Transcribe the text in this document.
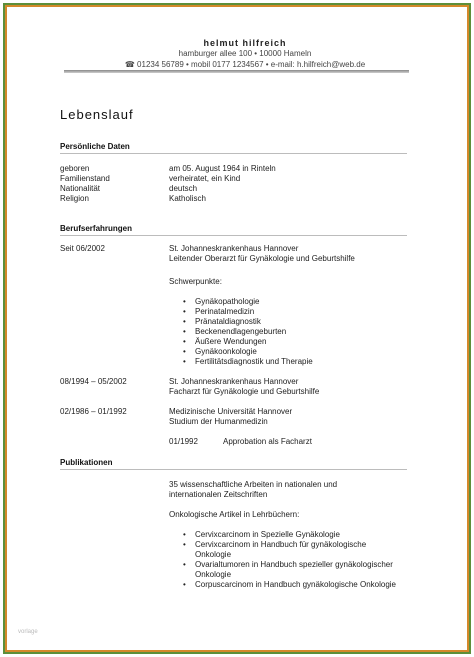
helmut hilfreich
hamburger allee 100 • 10000 Hameln
☎ 01234 56789 • mobil 0177 1234567 • e-mail: h.hilfreich@web.de
Lebenslauf
Persönliche Daten
geboren	am 05. August 1964 in Rinteln
Familienstand	verheiratet, ein Kind
Nationalität	deutsch
Religion	Katholisch
Berufserfahrungen
Seit 06/2002	St. Johanneskrankenhaus Hannover
Leitender Oberarzt für Gynäkologie und Geburtshilfe
Schwerpunkte:
• Gynäkopathologie
• Perinatalmedizin
• Pränataldiagnostik
• Beckenendlagengeburten
• Äußere Wendungen
• Gynäkoonkologie
• Fertilitätsdiagnostik und Therapie
08/1994 – 05/2002	St. Johanneskrankenhaus Hannover
Facharzt für Gynäkologie und Geburtshilfe
02/1986 – 01/1992	Medizinische Universität Hannover
Studium der Humanmedizin
01/1992	Approbation als Facharzt
Publikationen
35 wissenschaftliche Arbeiten in nationalen und
internationalen Zeitschriften
Onkologische Artikel in Lehrbüchern:
• Cervixcarcinom in Spezielle Gynäkologie
• Cervixcarcinom in Handbuch für gynäkologische
Onkologie
• Ovarialtumoren in Handbuch spezieller gynäkologischer
Onkologie
• Corpuscarcinom in Handbuch gynäkologische Onkologie
vorlage
